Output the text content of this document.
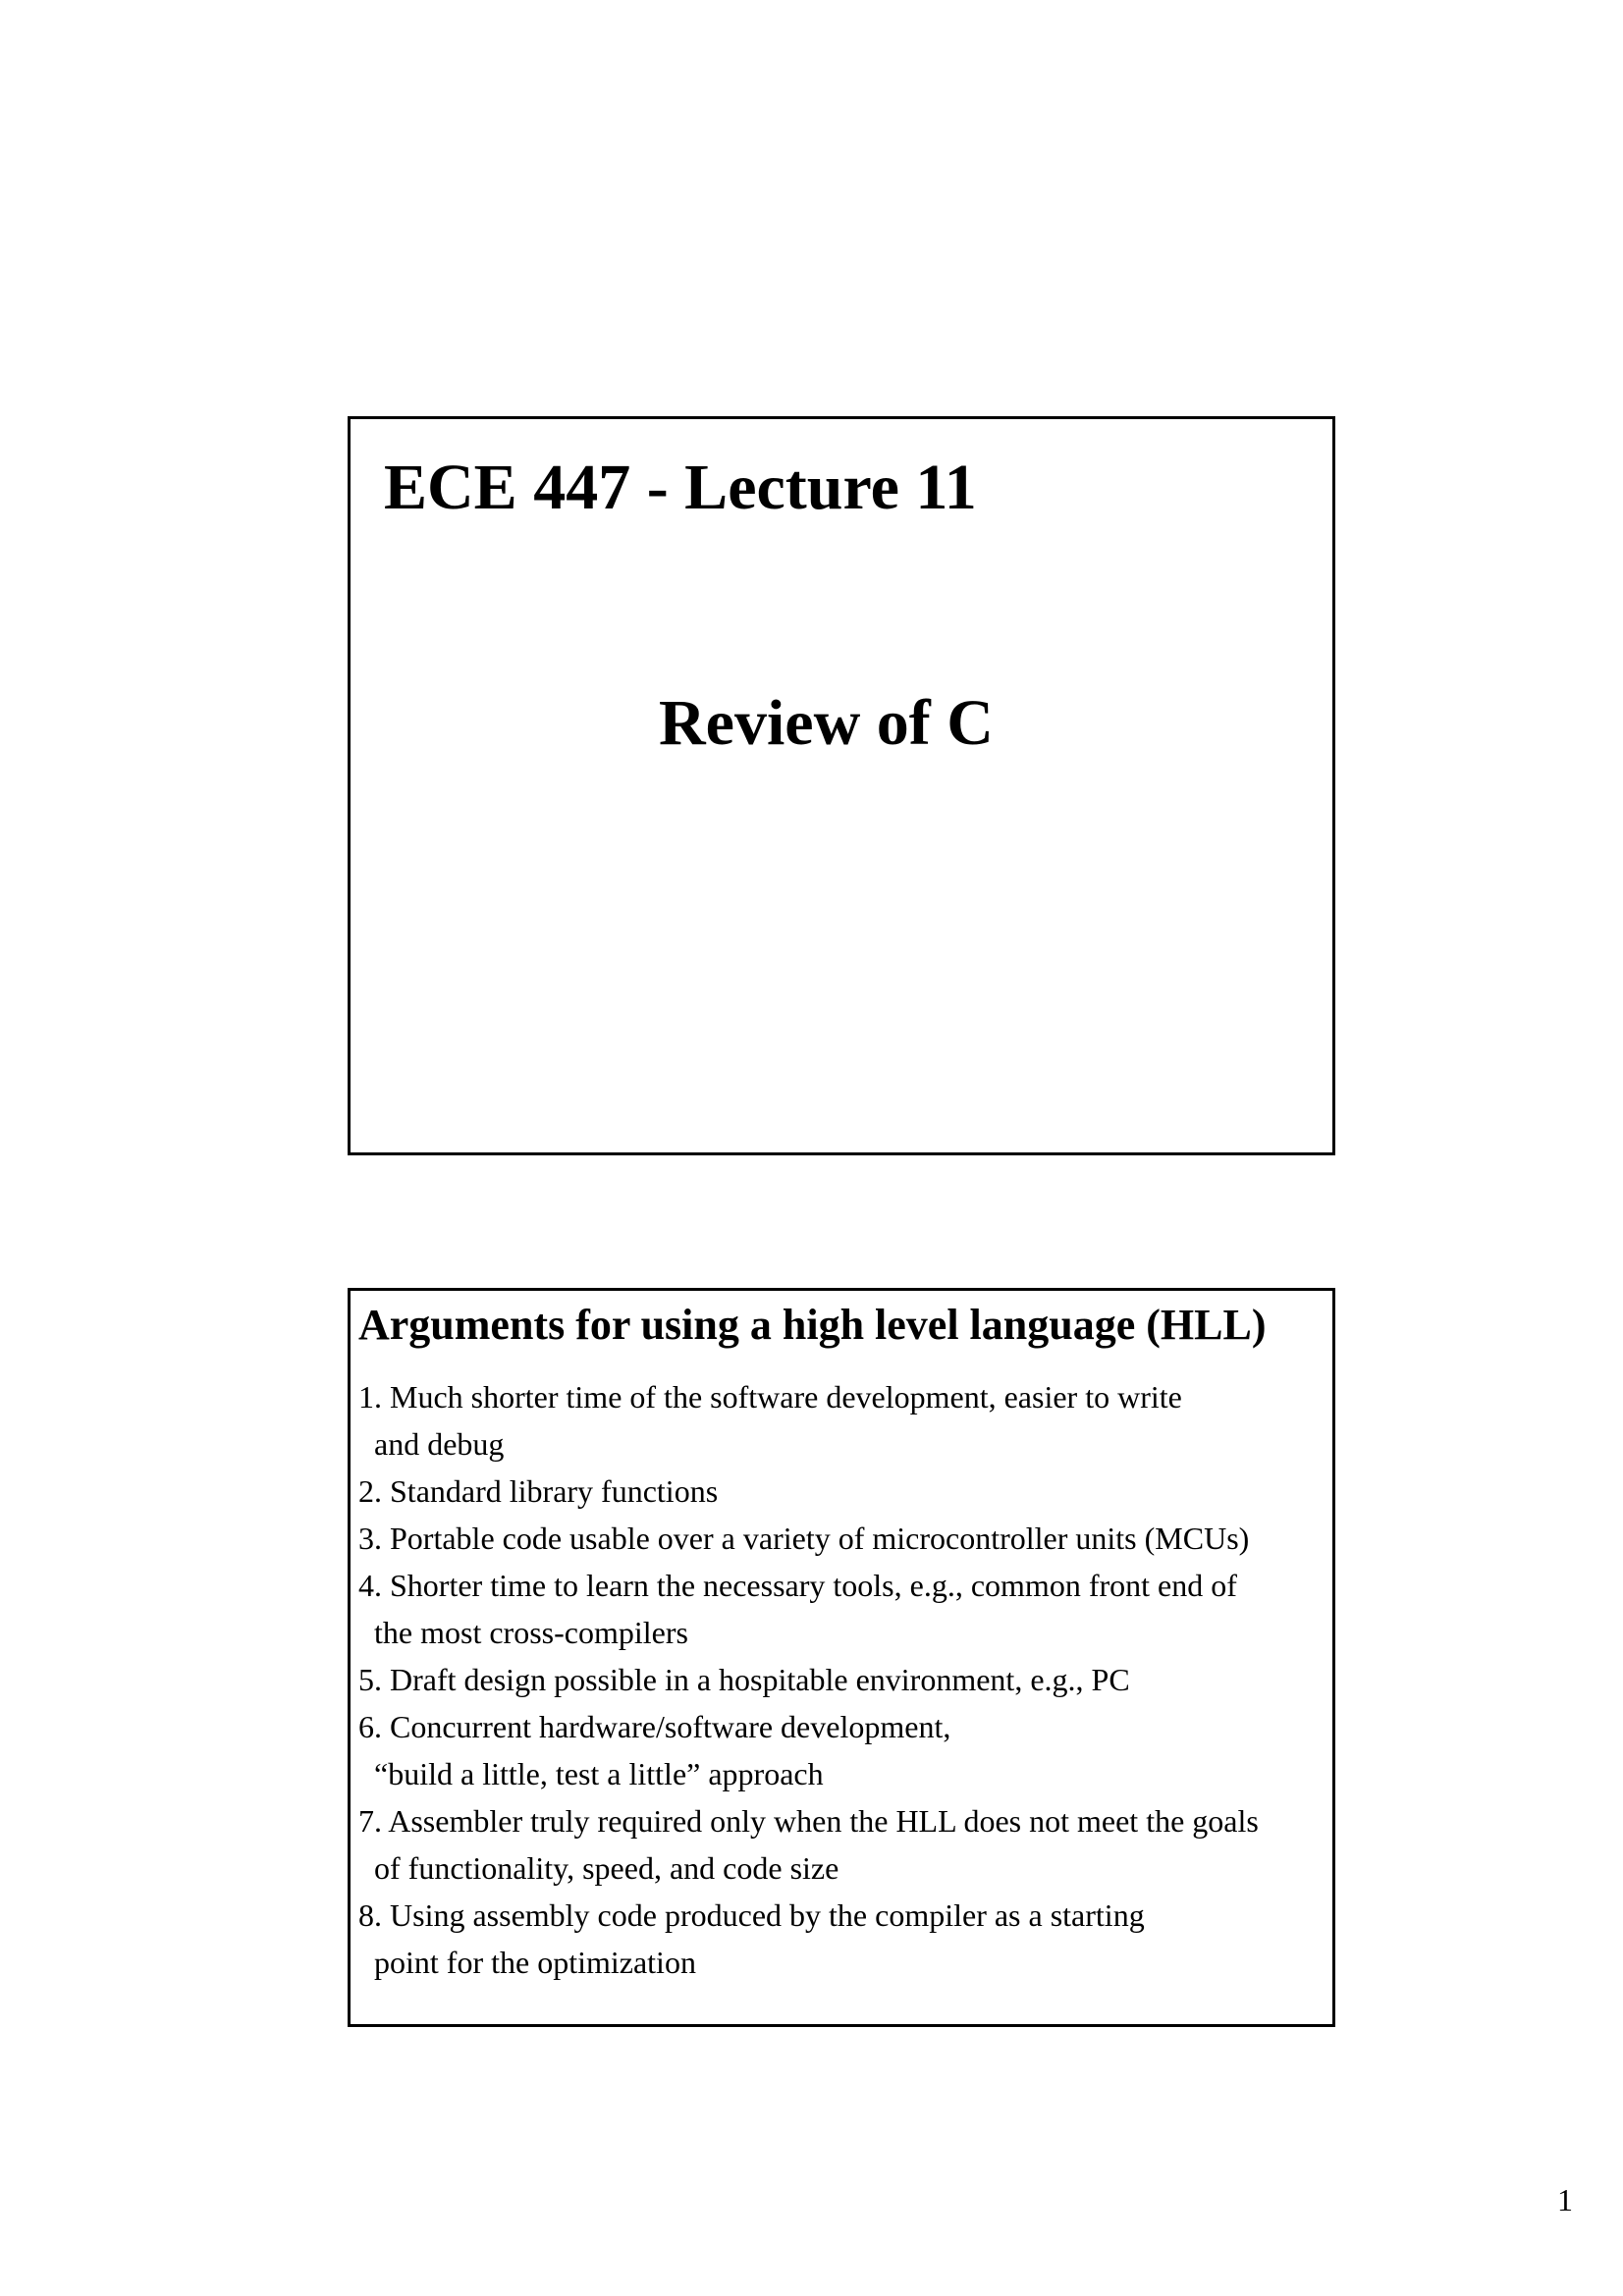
ECE 447 - Lecture 11
Review of C
Arguments for using a high level language (HLL)
1. Much shorter time of the software development, easier to write
and debug
2. Standard library functions
3. Portable code usable over a variety of microcontroller units (MCUs)
4. Shorter time to learn the necessary tools, e.g., common front end of
the most cross-compilers
5. Draft design possible in a hospitable environment, e.g., PC
6. Concurrent hardware/software development,
“build a little, test a little” approach
7. Assembler truly required only when the HLL does not meet the goals
of functionality, speed, and code size
8. Using assembly code produced by the compiler as a starting
point for the optimization
1
